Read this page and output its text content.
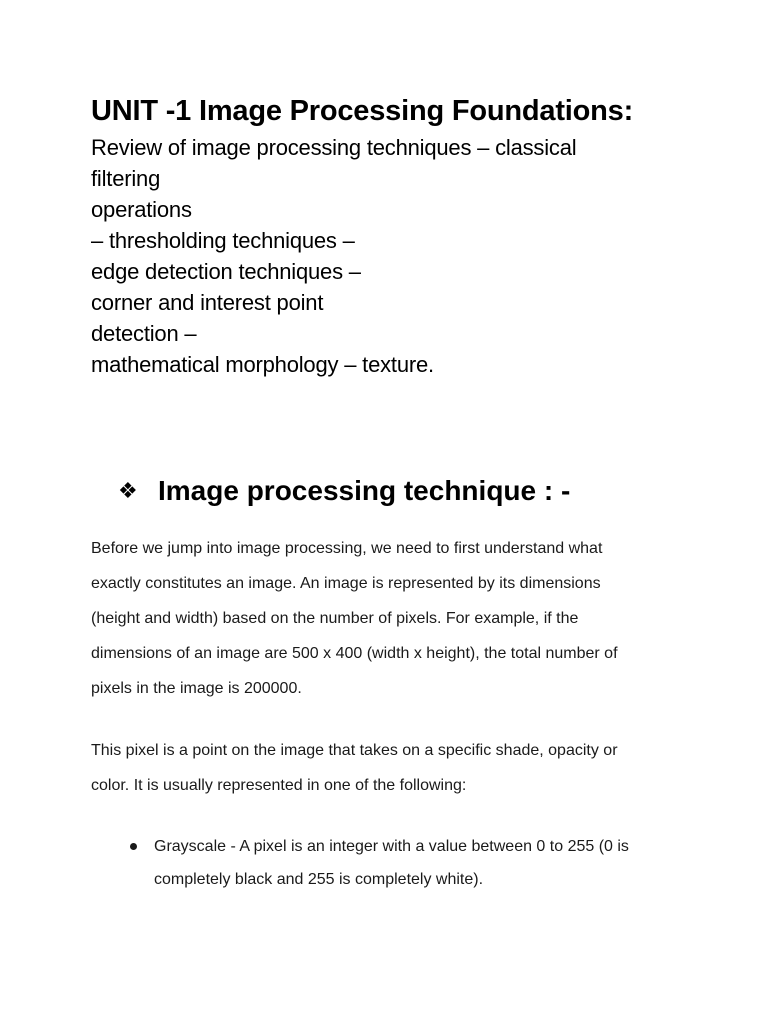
UNIT -1 Image Processing Foundations:
Review of image processing techniques – classical
filtering
operations
– thresholding techniques –
edge detection techniques –
corner and interest point
detection –
mathematical morphology – texture.
❖ Image processing technique : -
Before we jump into image processing, we need to first understand what
exactly constitutes an image. An image is represented by its dimensions
(height and width) based on the number of pixels. For example, if the
dimensions of an image are 500 x 400 (width x height), the total number of
pixels in the image is 200000.
This pixel is a point on the image that takes on a specific shade, opacity or
color. It is usually represented in one of the following:
Grayscale - A pixel is an integer with a value between 0 to 255 (0 is
completely black and 255 is completely white).
